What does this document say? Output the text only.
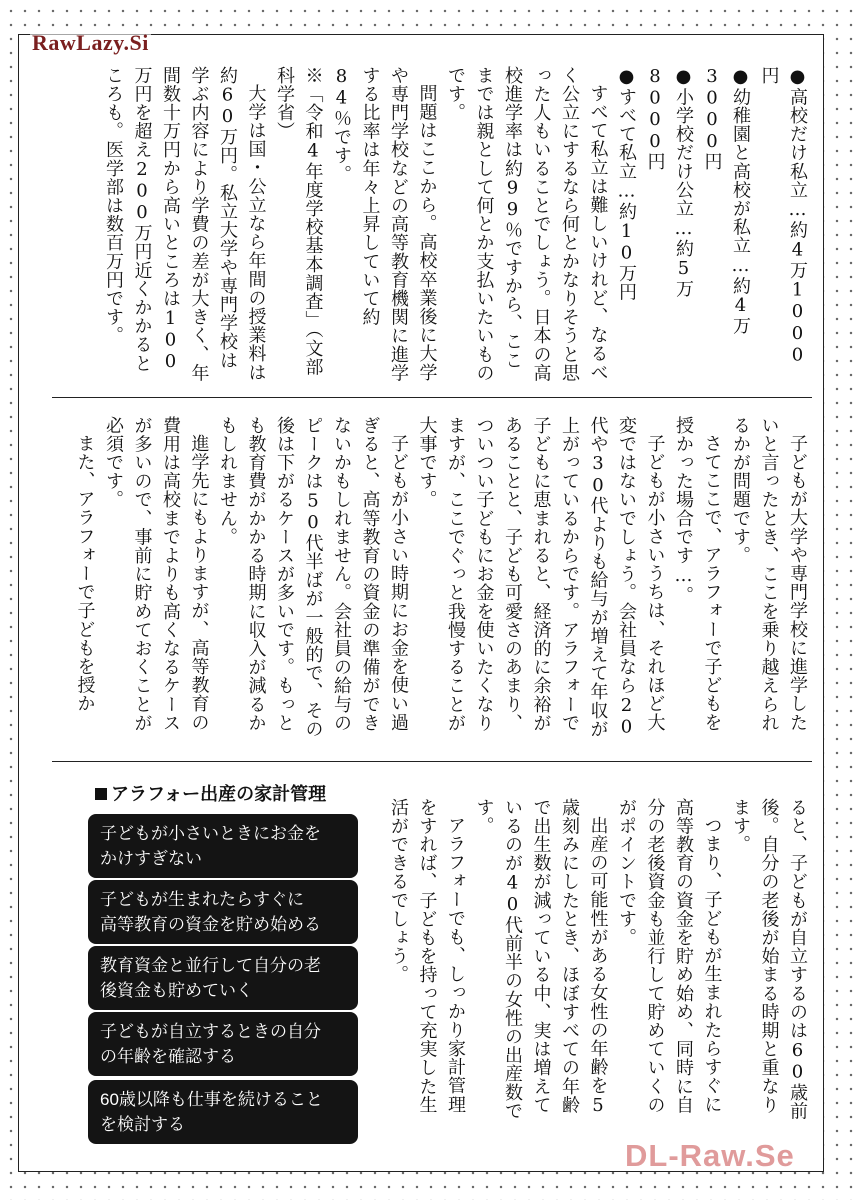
RawLazy.Si

●高校だけ私立…約4万1000円

●幼稚園と高校が私立…約4万3000円

●小学校だけ公立…約5万8000円

●すべて私立…約10万円

すべて私立は難しいけれど、なるべく公立にするなら何とかなりそうと思った人もいることでしょう。日本の高校進学率は約99％ですから、ここまでは親として何とか支払いたいものです。

問題はここから。高校卒業後に大学や専門学校などの高等教育機関に進学する比率は年々上昇していて約84％です。

※「令和4年度学校基本調査」（文部科学省）

大学は国・公立なら年間の授業料は約60万円。私立大学や専門学校は学ぶ内容により学費の差が大きく、年間数十万円から高いところは100万円を超え200万円近くかかるところも。医学部は数百万円です。

子どもが大学や専門学校に進学したいと言ったとき、ここを乗り越えられるかが問題です。

さてここで、アラフォーで子どもを授かった場合です…。

子どもが小さいうちは、それほど大変ではないでしょう。会社員なら20代や30代よりも給与が増えて年収が上がっているからです。アラフォーで子どもに恵まれると、経済的に余裕があることと、子ども可愛さのあまり、ついつい子どもにお金を使いたくなりますが、ここでぐっと我慢することが大事です。

子どもが小さい時期にお金を使い過ぎると、高等教育の資金の準備ができないかもしれません。会社員の給与のピークは50代半ばが一般的で、その後は下がるケースが多いです。もっとも教育費がかかる時期に収入が減るかもしれません。

進学先にもよりますが、高等教育の費用は高校までよりも高くなるケースが多いので、事前に貯めておくことが必須です。

また、アラフォーで子どもを授か

ると、子どもが自立するのは60歳前後。自分の老後が始まる時期と重なります。

つまり、子どもが生まれたらすぐに高等教育の資金を貯め始め、同時に自分の老後資金も並行して貯めていくのがポイントです。

出産の可能性がある女性の年齢を5歳刻みにしたとき、ほぼすべての年齢で出生数が減っている中、実は増えているのが40代前半の女性の出産数です。

アラフォーでも、しっかり家計管理をすれば、子どもを持って充実した生活ができるでしょう。

アラフォー出産の家計管理
子どもが小さいときにお金を
かけすぎない
子どもが生まれたらすぐに
高等教育の資金を貯め始める
教育資金と並行して自分の老
後資金も貯めていく
子どもが自立するときの自分
の年齢を確認する
60歳以降も仕事を続けること
を検討する
DL-Raw.Se
